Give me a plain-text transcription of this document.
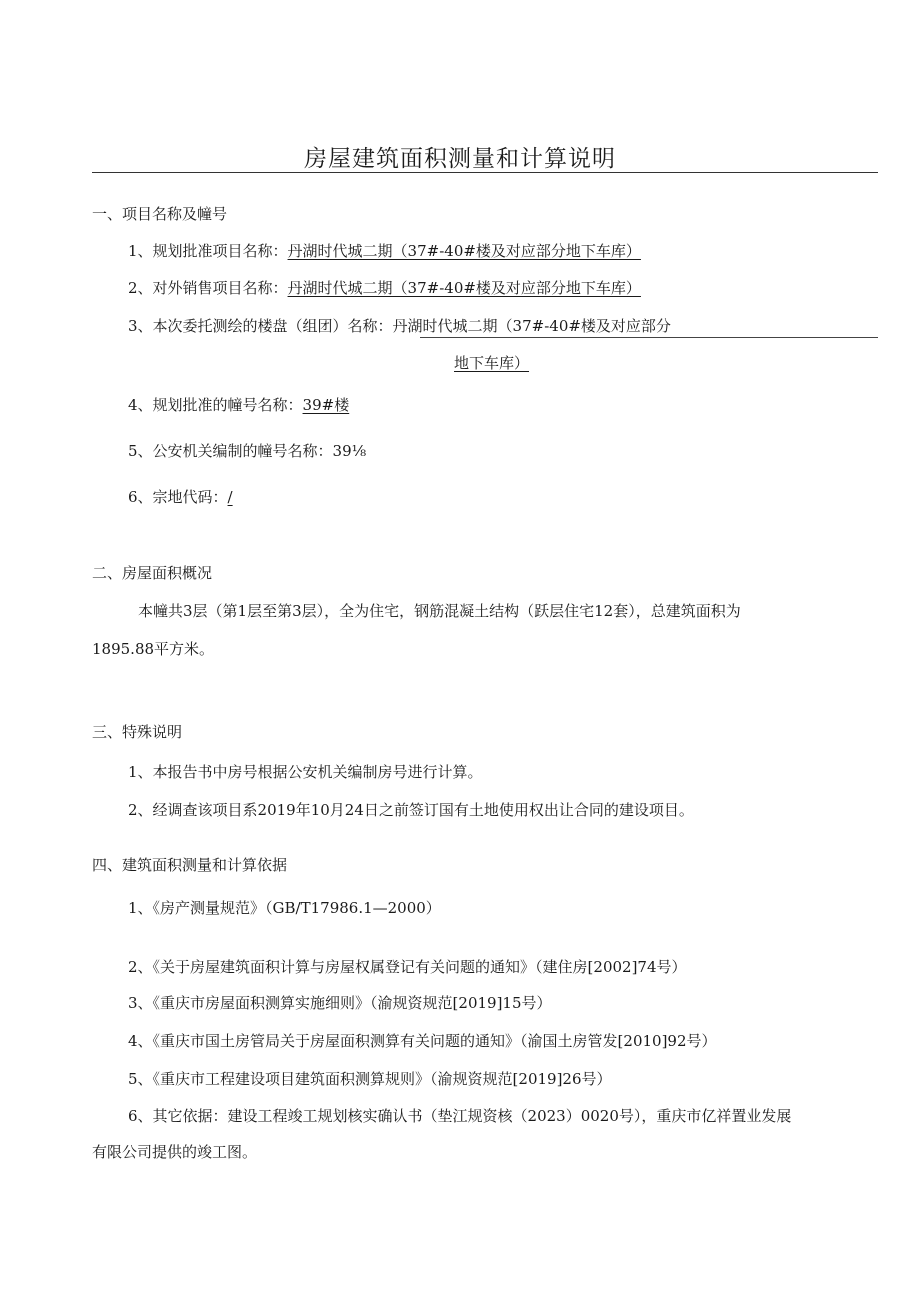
房屋建筑面积测量和计算说明
一、项目名称及幢号
1、规划批准项目名称：丹湖时代城二期（37#-40#楼及对应部分地下车库）
2、对外销售项目名称：丹湖时代城二期（37#-40#楼及对应部分地下车库）
3、本次委托测绘的楼盘（组团）名称：丹湖时代城二期（37#-40#楼及对应部分
地下车库）
4、规划批准的幢号名称：39#楼
5、公安机关编制的幢号名称：39⅛
6、宗地代码：/
二、房屋面积概况
本幢共3层（第1层至第3层），全为住宅，钢筋混凝土结构（跃层住宅12套），总建筑面积为
1895.88平方米。
三、特殊说明
1、本报告书中房号根据公安机关编制房号进行计算。
2、经调查该项目系2019年10月24日之前签订国有土地使用权出让合同的建设项目。
四、建筑面积测量和计算依据
1、《房产测量规范》（GB/T17986.1—2000）
2、《关于房屋建筑面积计算与房屋权属登记有关问题的通知》（建住房[2002]74号）
3、《重庆市房屋面积测算实施细则》（渝规资规范[2019]15号）
4、《重庆市国土房管局关于房屋面积测算有关问题的通知》（渝国土房管发[2010]92号）
5、《重庆市工程建设项目建筑面积测算规则》（渝规资规范[2019]26号）
6、其它依据：建设工程竣工规划核实确认书（垫江规资核（2023）0020号），重庆市亿祥置业发展
有限公司提供的竣工图。
